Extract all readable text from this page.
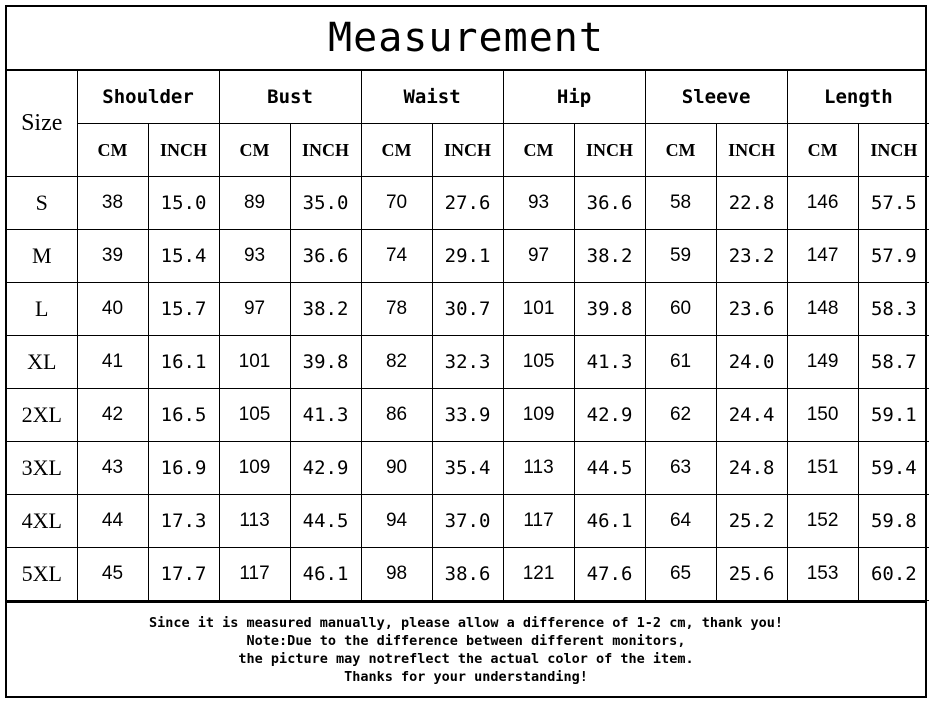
Measurement
Size	Shoulder		Bust		Waist		Hip		Sleeve		Length	
	CM	INCH	CM	INCH	CM	INCH	CM	INCH	CM	INCH	CM	INCH
S	38	15.0	89	35.0	70	27.6	93	36.6	58	22.8	146	57.5
M	39	15.4	93	36.6	74	29.1	97	38.2	59	23.2	147	57.9
L	40	15.7	97	38.2	78	30.7	101	39.8	60	23.6	148	58.3
XL	41	16.1	101	39.8	82	32.3	105	41.3	61	24.0	149	58.7
2XL	42	16.5	105	41.3	86	33.9	109	42.9	62	24.4	150	59.1
3XL	43	16.9	109	42.9	90	35.4	113	44.5	63	24.8	151	59.4
4XL	44	17.3	113	44.5	94	37.0	117	46.1	64	25.2	152	59.8
5XL	45	17.7	117	46.1	98	38.6	121	47.6	65	25.6	153	60.2
Since it is measured manually, please allow a difference of 1-2 cm, thank you!
Note:Due to the difference between different monitors,
the picture may notreflect the actual color of the item.
Thanks for your understanding!
